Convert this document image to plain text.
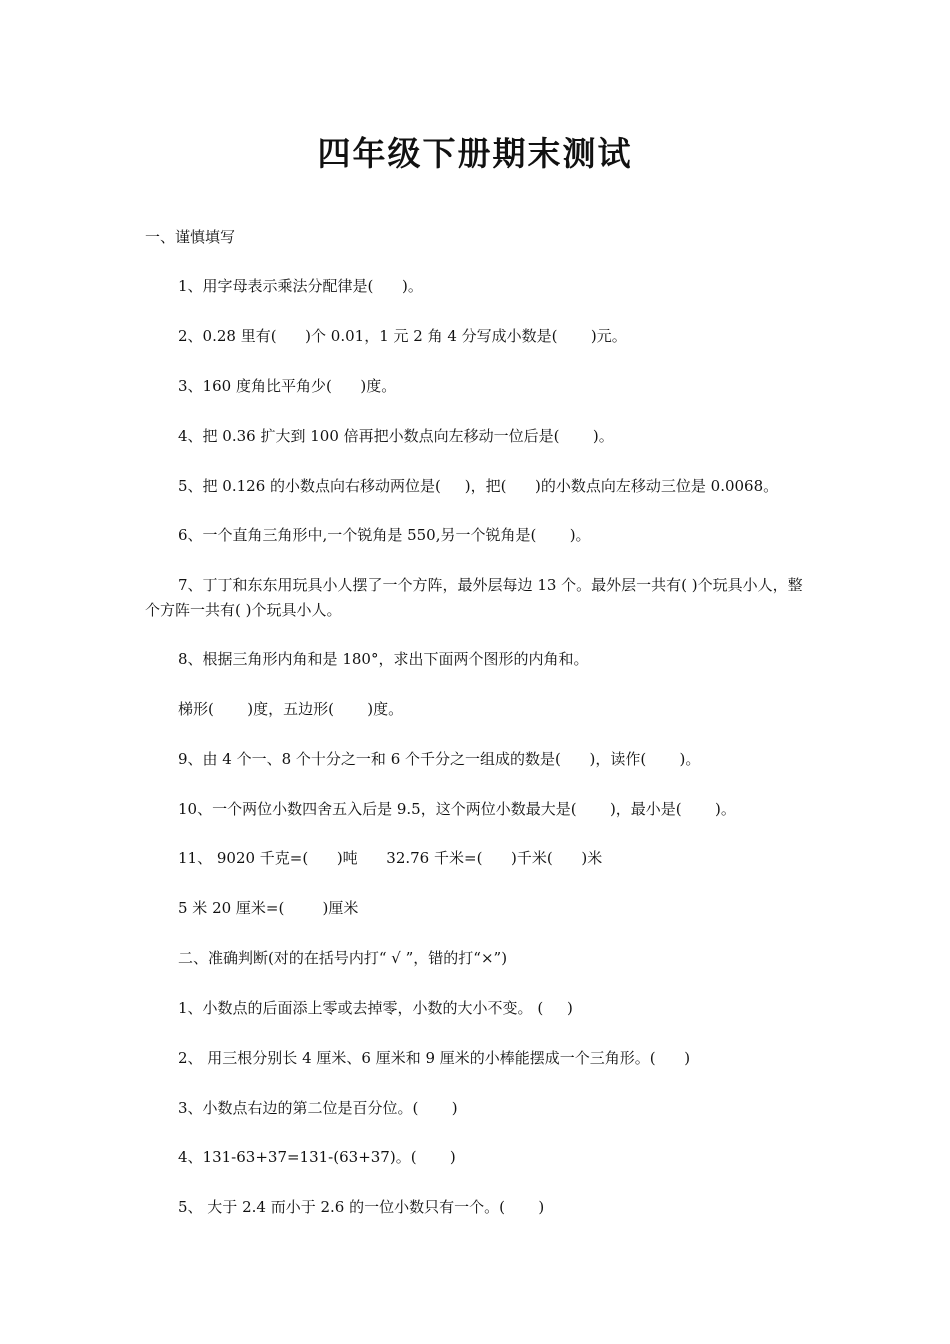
四年级下册期末测试

一、谨慎填写

1、用字母表示乘法分配律是(      )。

2、0.28 里有(      )个 0.01，1 元 2 角 4 分写成小数是(       )元。

3、160 度角比平角少(      )度。

4、把 0.36 扩大到 100 倍再把小数点向左移动一位后是(       )。

5、把 0.126 的小数点向右移动两位是(     )，把(      )的小数点向左移动三位是 0.0068。

6、一个直角三角形中,一个锐角是 550,另一个锐角是(       )。

7、丁丁和东东用玩具小人摆了一个方阵，最外层每边 13 个。最外层一共有( )个玩具小人，整个方阵一共有( )个玩具小人。

8、根据三角形内角和是 180°，求出下面两个图形的内角和。

梯形(       )度，五边形(       )度。

9、由 4 个一、8 个十分之一和 6 个千分之一组成的数是(      )，读作(       )。

10、一个两位小数四舍五入后是 9.5，这个两位小数最大是(       )，最小是(       )。

11、 9020 千克=(      )吨      32.76 千米=(      )千米(      )米

5 米 20 厘米=(        )厘米

二、准确判断(对的在括号内打“ √ ”，错的打“×”)

1、小数点的后面添上零或去掉零，小数的大小不变。 (     )

2、 用三根分别长 4 厘米、6 厘米和 9 厘米的小棒能摆成一个三角形。(      )

3、小数点右边的第二位是百分位。(       )

4、131-63+37=131-(63+37)。(       )

5、 大于 2.4 而小于 2.6 的一位小数只有一个。(       )
